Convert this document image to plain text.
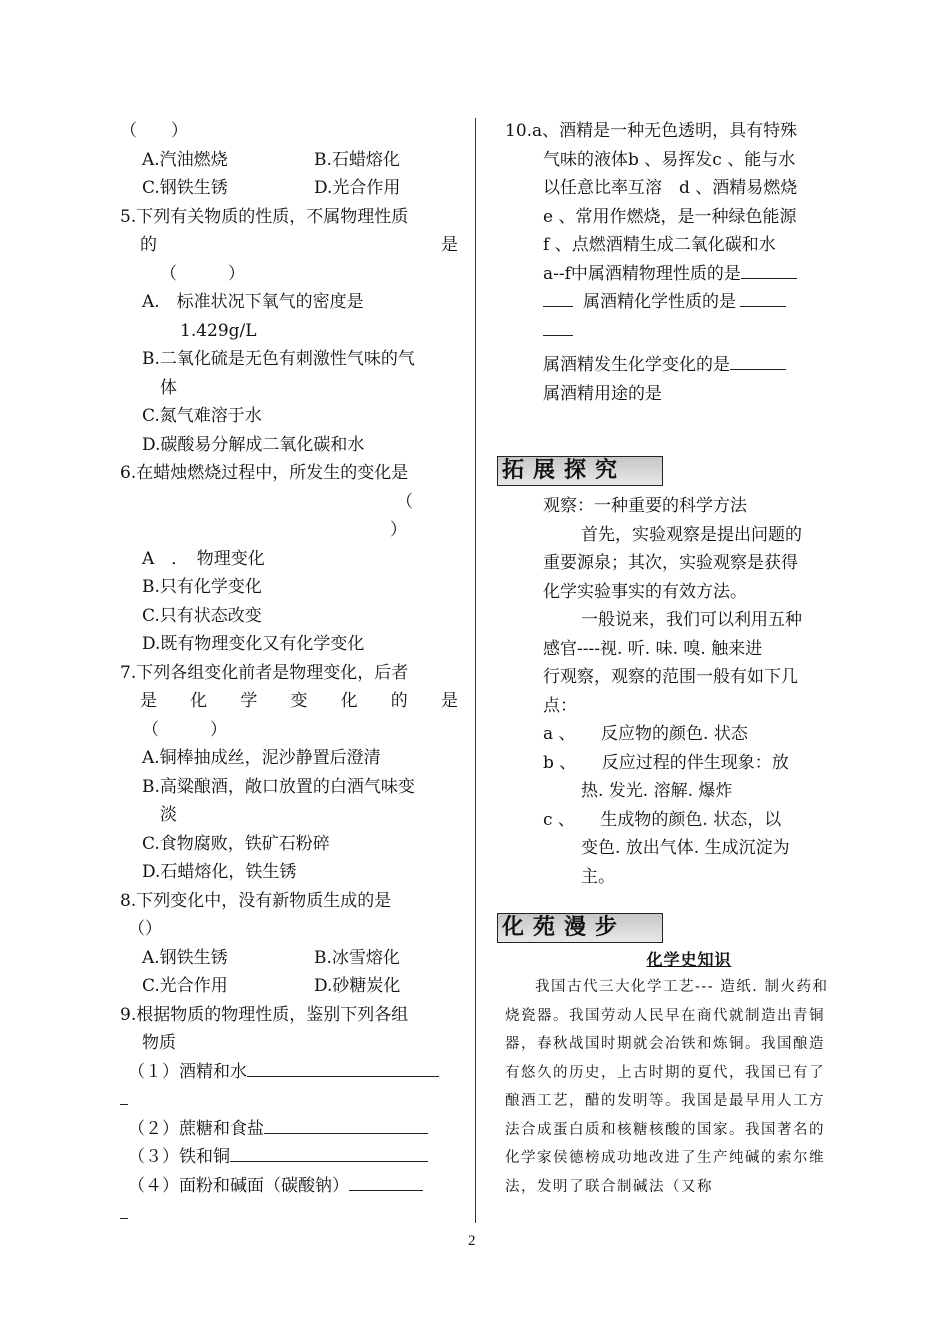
（　　）
A.汽油燃烧	B.石蜡熔化
C.钢铁生锈	D.光合作用
5.下列有关物质的性质，不属物理性质
的	是
（　　　）
A.　标准状况下氧气的密度是
1.429g/L
B.二氧化硫是无色有刺激性气味的气
体
C.氮气难溶于水
D.碳酸易分解成二氧化碳和水
6.在蜡烛燃烧过程中，所发生的变化是
（
）
A　．　物理变化
B.只有化学变化
C.只有状态改变
D.既有物理变化又有化学变化
7.下列各组变化前者是物理变化，后者
是 化 学 变 化 的 是
（　　　）
A.铜棒抽成丝，泥沙静置后澄清
B.高粱酿酒，敞口放置的白酒气味变
淡
C.食物腐败，铁矿石粉碎
D.石蜡熔化，铁生锈
8.下列变化中，没有新物质生成的是
（）
A.钢铁生锈	B.冰雪熔化
C.光合作用	D.砂糖炭化
9.根据物质的物理性质，鉴别下列各组
物质
（１）酒精和水
（２）蔗糖和食盐
（３）铁和铜
（４）面粉和碱面（碳酸钠）
10.a、酒精是一种无色透明，具有特殊
气味的液体b 、易挥发c 、能与水
以任意比率互溶　d 、酒精易燃烧
e 、常用作燃烧，是一种绿色能源
f 、点燃酒精生成二氧化碳和水
a--f中属酒精物理性质的是
属酒精化学性质的是
属酒精发生化学变化的是
属酒精用途的是
拓展探究
观察：一种重要的科学方法
首先，实验观察是提出问题的
重要源泉；其次，实验观察是获得
化学实验事实的有效方法。
一般说来，我们可以利用五种
感官----视. 听. 味. 嗅. 触来进
行观察，观察的范围一般有如下几
点：
a 、　　反应物的颜色. 状态
b 、　　反应过程的伴生现象：放
热. 发光. 溶解. 爆炸
c 、　　生成物的颜色. 状态，以
变色. 放出气体. 生成沉淀为
主。
化苑漫步
化学史知识

我国古代三大化学工艺--- 造纸. 制火药和烧瓷器。我国劳动人民早在商代就制造出青铜器，春秋战国时期就会冶铁和炼铜。我国酿造有悠久的历史，上古时期的夏代，我国已有了酿酒工艺，醋的发明等。我国是最早用人工方法合成蛋白质和核糖核酸的国家。我国著名的化学家侯德榜成功地改进了生产纯碱的索尔维法，发明了联合制碱法（又称

2
